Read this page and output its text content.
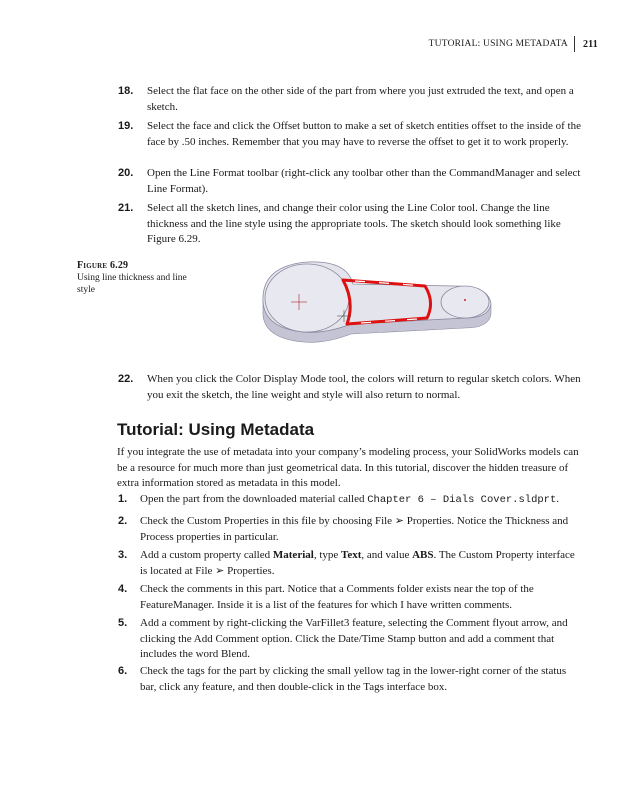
TUTORIAL: USING METADATA 211
18.	Select the flat face on the other side of the part from where you just extruded the text, and open a sketch.
19.	Select the face and click the Offset button to make a set of sketch entities offset to the inside of the face by .50 inches. Remember that you may have to reverse the offset to get it to work properly.
20.	Open the Line Format toolbar (right-click any toolbar other than the CommandManager and select Line Format).
21.	Select all the sketch lines, and change their color using the Line Color tool. Change the line thickness and the line style using the appropriate tools. The sketch should look something like Figure 6.29.
Figure 6.29
Using line thickness and line style
22.	When you click the Color Display Mode tool, the colors will return to regular sketch colors. When you exit the sketch, the line weight and style will also return to normal.
Tutorial: Using Metadata
If you integrate the use of metadata into your company’s modeling process, your SolidWorks models can be a resource for much more than just geometrical data. In this tutorial, discover the hidden treasure of extra information stored as metadata in this model.
1.	Open the part from the downloaded material called Chapter 6 – Dials Cover.sldprt.
2.	Check the Custom Properties in this file by choosing File ➢ Properties. Notice the Thickness and Process properties in particular.
3.	Add a custom property called Material, type Text, and value ABS. The Custom Property interface is located at File ➢ Properties.
4.	Check the comments in this part. Notice that a Comments folder exists near the top of the FeatureManager. Inside it is a list of the features for which I have written comments.
5.	Add a comment by right-clicking the VarFillet3 feature, selecting the Comment flyout arrow, and clicking the Add Comment option. Click the Date/Time Stamp button and add a comment that includes the word Blend.
6.	Check the tags for the part by clicking the small yellow tag in the lower-right corner of the status bar, click any feature, and then double-click in the Tags interface box.
